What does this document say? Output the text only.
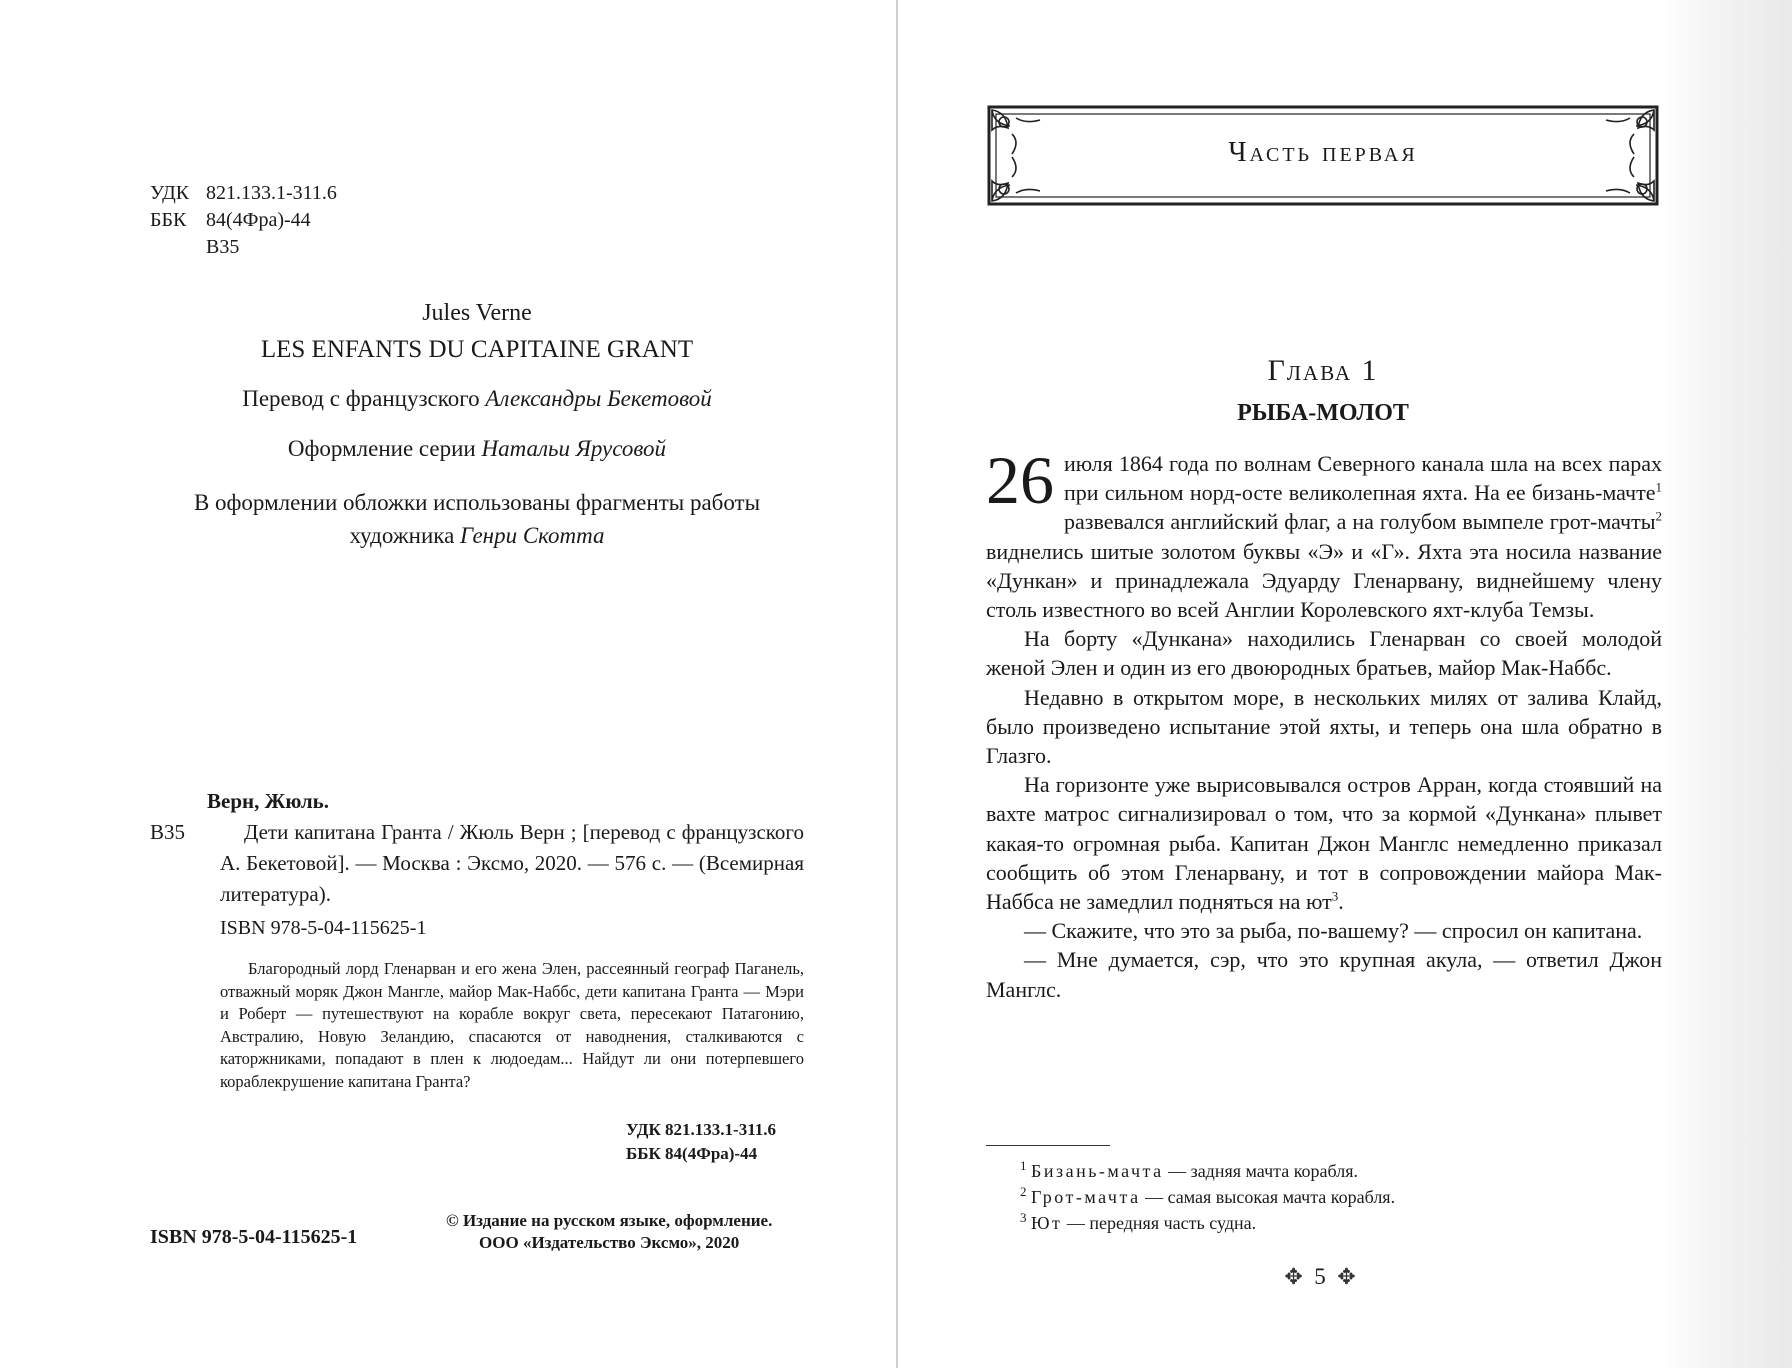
УДК 821.133.1-311.6
ББК 84(4Фра)-44
В35
Jules Verne
LES ENFANTS DU CAPITAINE GRANT
Перевод с французского Александры Бекетовой
Оформление серии Натальи Ярусовой
В оформлении обложки использованы фрагменты работы художника Генри Скотта
Верн, Жюль.
В35	Дети капитана Гранта / Жюль Верн ; [перевод с французского А. Бекетовой]. — Москва : Эксмо, 2020. — 576 с. — (Всемирная литература).
ISBN 978-5-04-115625-1
Благородный лорд Гленарван и его жена Элен, рассеянный географ Паганель, отважный моряк Джон Мангле, майор Мак-Наббс, дети капитана Гранта — Мэри и Роберт — путешествуют на корабле вокруг света, пересекают Патагонию, Австралию, Новую Зеландию, спасаются от наводнения, сталкиваются с каторжниками, попадают в плен к людоедам... Найдут ли они потерпевшего кораблекрушение капитана Гранта?
УДК 821.133.1-311.6
ББК 84(4Фра)-44
ISBN 978-5-04-115625-1
© Издание на русском языке, оформление.
ООО «Издательство Эксмо», 2020
Часть первая
Глава 1
РЫБА-МОЛОТ

26 июля 1864 года по волнам Северного канала шла на всех парах при сильном норд-осте великолепная яхта. На ее бизань-мачте$^1$ развевался английский флаг, а на голубом вымпеле грот-мачты$^2$ виднелись шитые золотом буквы «Э» и «Г». Яхта эта носила название «Дункан» и принадлежала Эдуарду Гленарвану, виднейшему члену столь известного во всей Англии Королевского яхт-клуба Темзы.

На борту «Дункана» находились Гленарван со своей молодой женой Элен и один из его двоюродных братьев, майор Мак-Наббс.

Недавно в открытом море, в нескольких милях от залива Клайд, было произведено испытание этой яхты, и теперь она шла обратно в Глазго.

На горизонте уже вырисовывался остров Арран, когда стоявший на вахте матрос сигнализировал о том, что за кормой «Дункана» плывет какая-то огромная рыба. Капитан Джон Манглс немедленно приказал сообщить об этом Гленарвану, и тот в сопровождении майора Мак-Наббса не замедлил подняться на $ют^3$.

— Скажите, что это за рыба, по-вашему? — спросил он капитана.

— Мне думается, сэр, что это крупная акула, — ответил Джон Манглс.

$^1$ Бизань-мачта — задняя мачта корабля.
$^2$ Грот-мачта — самая высокая мачта корабля.
$^3$ Ют — передняя часть судна.
✥ 5 ✥
